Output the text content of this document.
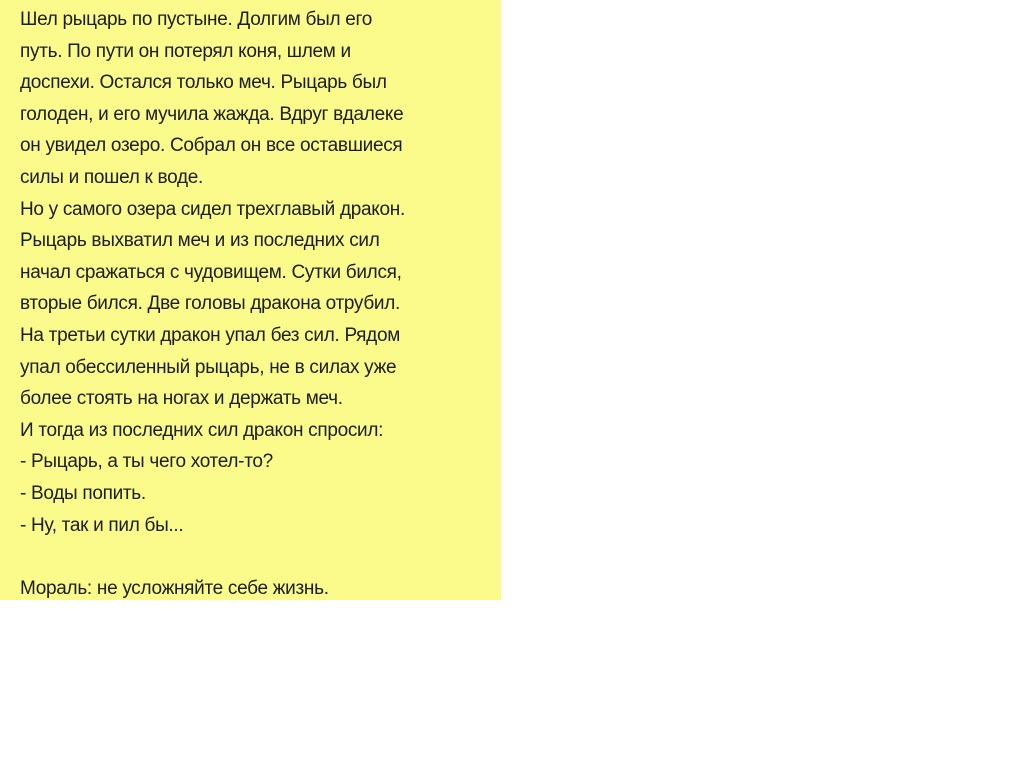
Шел рыцарь по пустыне. Долгим был его
путь. По пути он потерял коня, шлем и
доспехи. Остался только меч. Рыцарь был
голоден, и его мучила жажда. Вдруг вдалеке
он увидел озеро. Собрал он все оставшиеся
силы и пошел к воде.
Но у самого озера сидел трехглавый дракон.
Рыцарь выхватил меч и из последних сил
начал сражаться с чудовищем. Сутки бился,
вторые бился. Две головы дракона отрубил.
На третьи сутки дракон упал без сил. Рядом
упал обессиленный рыцарь, не в силах уже
более стоять на ногах и держать меч.
И тогда из последних сил дракон спросил:
- Рыцарь, а ты чего хотел-то?
- Воды попить.
- Ну, так и пил бы...
Мораль: не усложняйте себе жизнь.
